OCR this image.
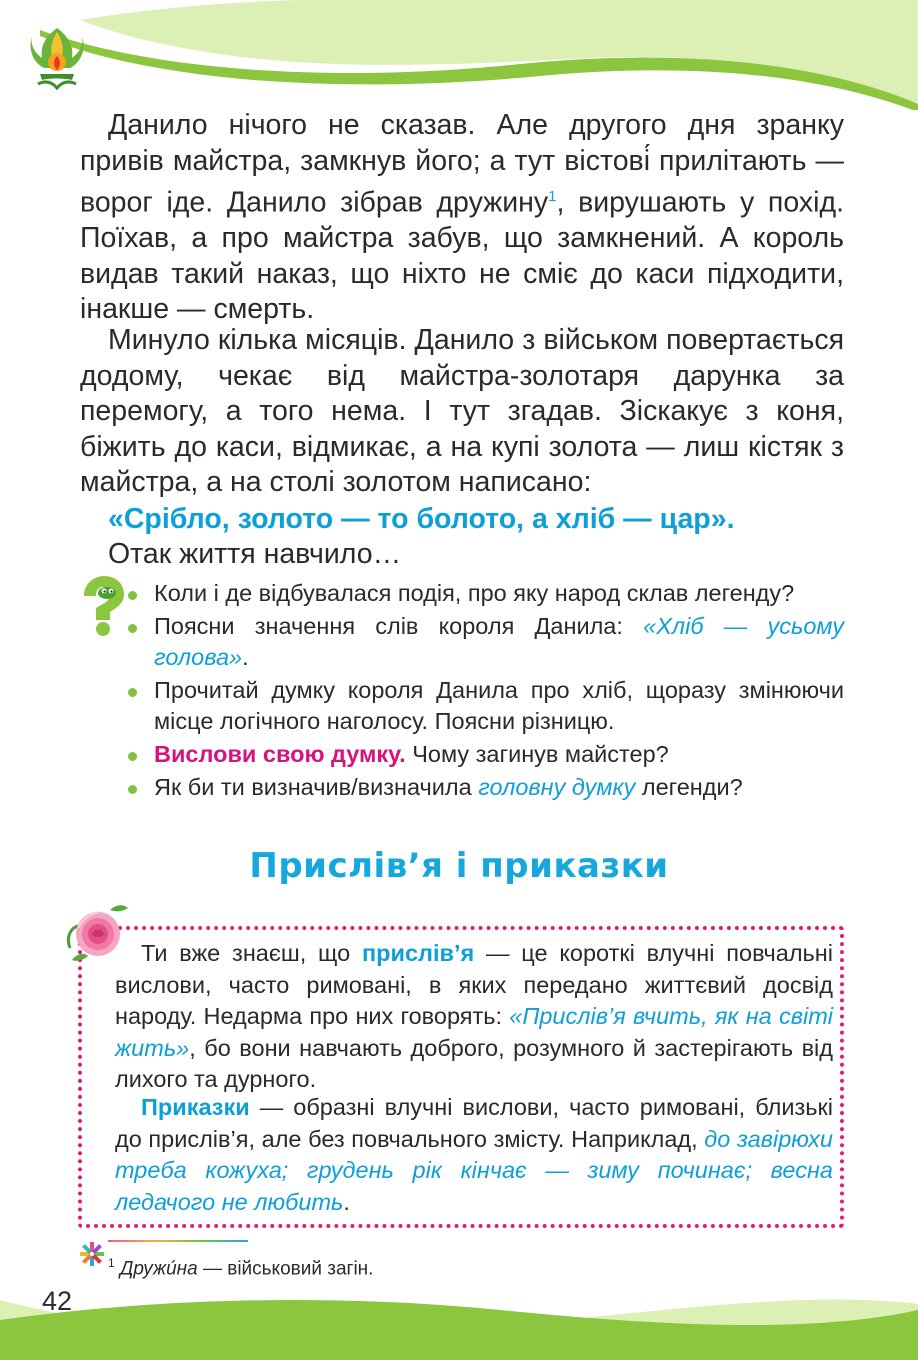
Данило нічого не сказав. Але другого дня зранку привів майстра, замкнув його; а тут вістові́ прилітають — ворог іде. Данило зібрав дружину$^1$, вирушають у похід. Поїхав, а про майстра забув, що замкнений. А король видав такий наказ, що ніхто не сміє до каси підходити, інакше — смерть.

Минуло кілька місяців. Данило з військом повертається додому, чекає від майстра-золотаря дарунка за перемогу, а того нема. І тут згадав. Зіскакує з коня, біжить до каси, відмикає, а на купі золота — лиш кістяк з майстра, а на столі золотом написано:

«Срібло, золото — то болото, а хліб — цар».

Отак життя навчило…

Коли і де відбувалася подія, про яку народ склав легенду?
Поясни значення слів короля Данила: «Хліб — усьому голова».
Прочитай думку короля Данила про хліб, щоразу змінюючи місце логічного наголосу. Поясни різницю.
Вислови свою думку. Чому загинув майстер?
Як би ти визначив/визначила головну думку легенди?
Прислів’я і приказки

Ти вже знаєш, що прислів’я — це короткі влучні повчальні вислови, часто римовані, в яких передано життєвий досвід народу. Недарма про них говорять: «Прислів’я вчить, як на світі жить», бо вони навчають доброго, розумного й застерігають від лихого та дурного.

Приказки — образні влучні вислови, часто римовані, близькі до прислів’я, але без повчального змісту. Наприклад, до завірюхи треба кожуха; грудень рік кінчає — зиму починає; весна ледачого не любить.

$^1$ Дружи́на — військовий загін.

42
